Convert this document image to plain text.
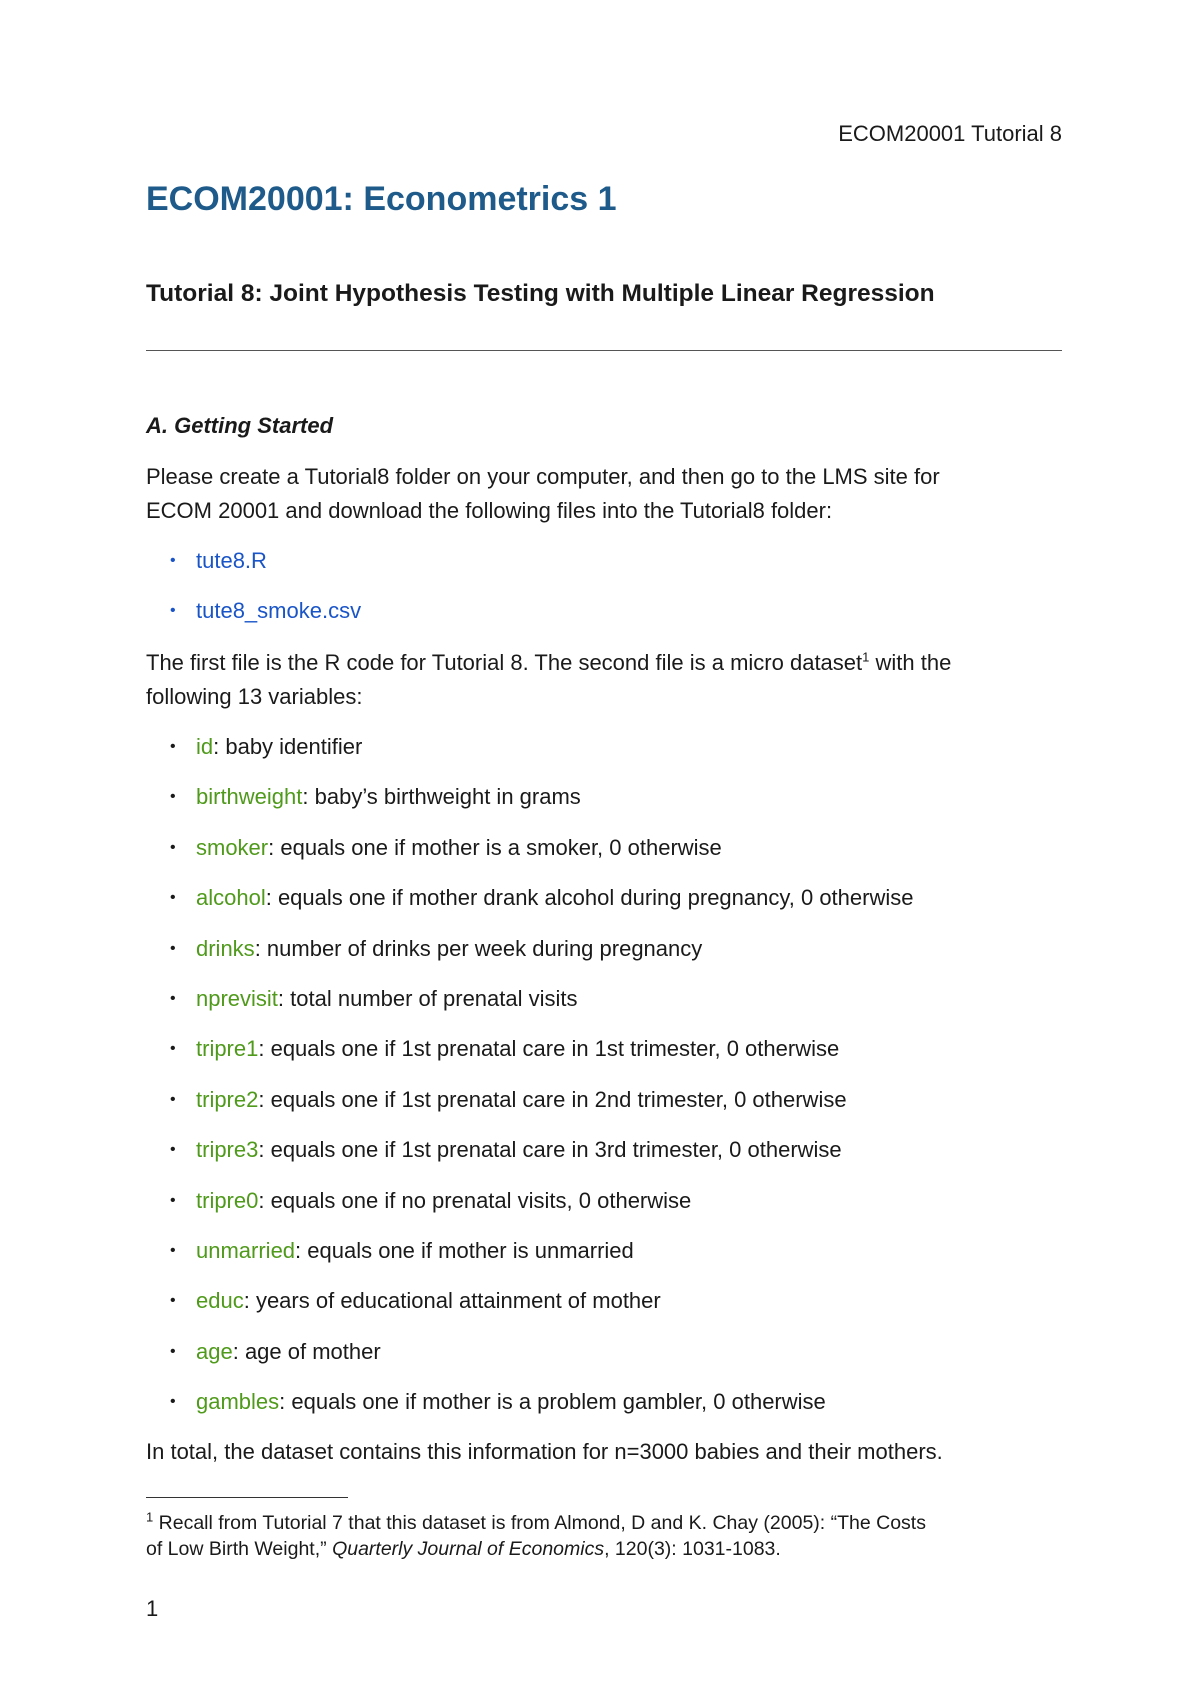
ECOM20001 Tutorial 8
ECOM20001: Econometrics 1
Tutorial 8: Joint Hypothesis Testing with Multiple Linear Regression
A. Getting Started

Please create a Tutorial8 folder on your computer, and then go to the LMS site for
ECOM 20001 and download the following files into the Tutorial8 folder:

• tute8.R
• tute8_smoke.csv

The first file is the R code for Tutorial 8. The second file is a micro dataset$^1$ with the
following 13 variables:

• id: baby identifier
• birthweight: baby’s birthweight in grams
• smoker: equals one if mother is a smoker, 0 otherwise
• alcohol: equals one if mother drank alcohol during pregnancy, 0 otherwise
• drinks: number of drinks per week during pregnancy
• nprevisit: total number of prenatal visits
• tripre1: equals one if 1st prenatal care in 1st trimester, 0 otherwise
• tripre2: equals one if 1st prenatal care in 2nd trimester, 0 otherwise
• tripre3: equals one if 1st prenatal care in 3rd trimester, 0 otherwise
• tripre0: equals one if no prenatal visits, 0 otherwise
• unmarried: equals one if mother is unmarried
• educ: years of educational attainment of mother
• age: age of mother
• gambles: equals one if mother is a problem gambler, 0 otherwise

In total, the dataset contains this information for n=3000 babies and their mothers.

$^1$ Recall from Tutorial 7 that this dataset is from Almond, D and K. Chay (2005): “The Costs
of Low Birth Weight,” Quarterly Journal of Economics, 120(3): 1031-1083.

1
